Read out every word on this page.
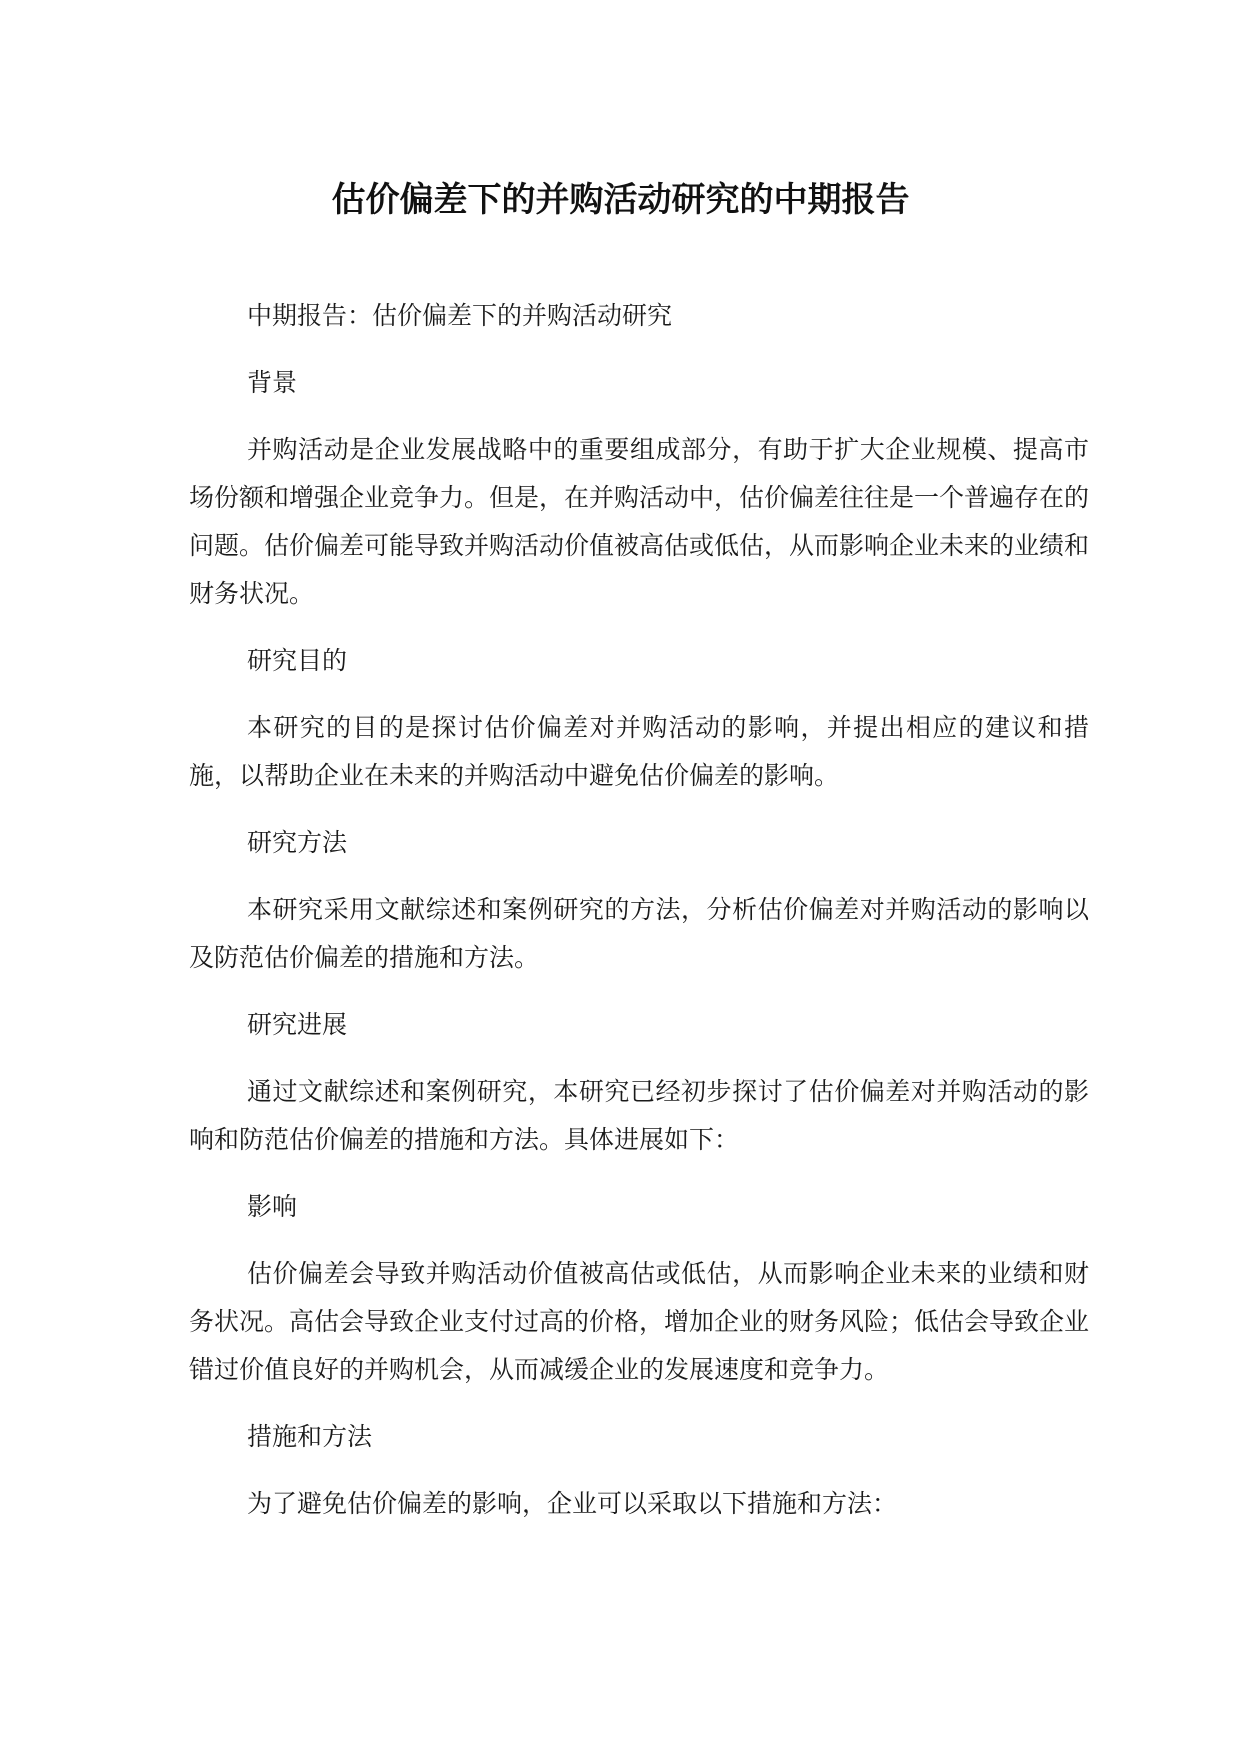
估价偏差下的并购活动研究的中期报告

中期报告：估价偏差下的并购活动研究

背景

并购活动是企业发展战略中的重要组成部分，有助于扩大企业规模、提高市场份额和增强企业竞争力。但是，在并购活动中，估价偏差往往是一个普遍存在的问题。估价偏差可能导致并购活动价值被高估或低估，从而影响企业未来的业绩和财务状况。

研究目的

本研究的目的是探讨估价偏差对并购活动的影响，并提出相应的建议和措施，以帮助企业在未来的并购活动中避免估价偏差的影响。

研究方法

本研究采用文献综述和案例研究的方法，分析估价偏差对并购活动的影响以及防范估价偏差的措施和方法。

研究进展

通过文献综述和案例研究，本研究已经初步探讨了估价偏差对并购活动的影响和防范估价偏差的措施和方法。具体进展如下：

影响

估价偏差会导致并购活动价值被高估或低估，从而影响企业未来的业绩和财务状况。高估会导致企业支付过高的价格，增加企业的财务风险；低估会导致企业错过价值良好的并购机会，从而减缓企业的发展速度和竞争力。

措施和方法

为了避免估价偏差的影响，企业可以采取以下措施和方法：
